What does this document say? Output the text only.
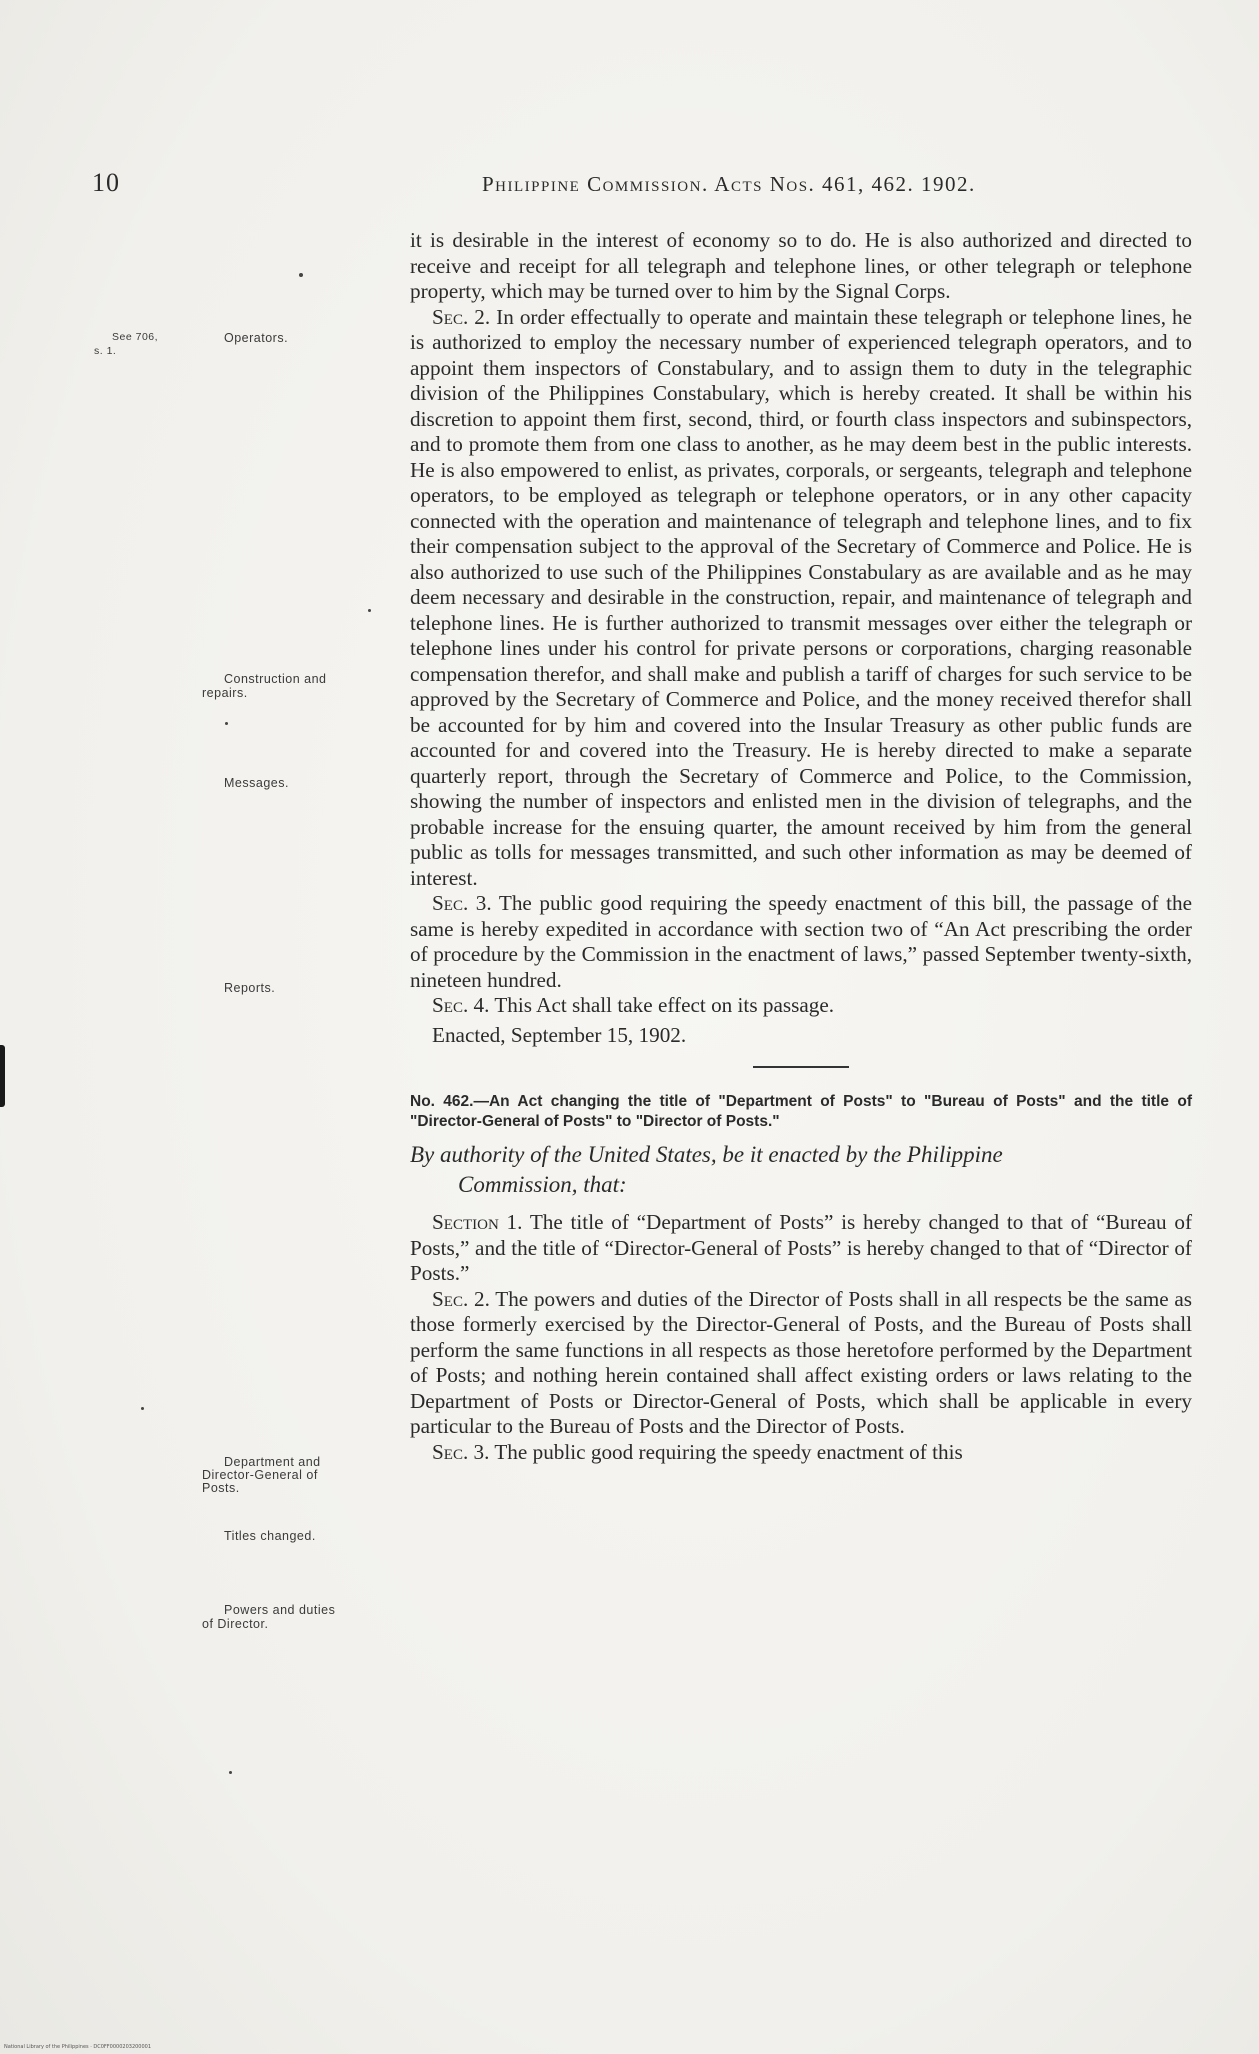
10	Philippine Commission. Acts Nos. 461, 462. 1902.
See 706,
s. 1.
Operators.
Construction and
repairs.
Messages.
Reports.
Department and
Director-General of
Posts.
Titles changed.
Powers and duties
of Director.

it is desirable in the interest of economy so to do. He is also authorized and directed to receive and receipt for all telegraph and telephone lines, or other telegraph or telephone property, which may be turned over to him by the Signal Corps.

Sec. 2. In order effectually to operate and maintain these telegraph or telephone lines, he is authorized to employ the necessary number of experienced telegraph operators, and to appoint them inspectors of Constabulary, and to assign them to duty in the telegraphic division of the Philippines Constabulary, which is hereby created. It shall be within his discretion to appoint them first, second, third, or fourth class inspectors and subinspectors, and to promote them from one class to another, as he may deem best in the public interests. He is also empowered to enlist, as privates, corporals, or sergeants, telegraph and telephone operators, to be employed as telegraph or telephone operators, or in any other capacity connected with the operation and maintenance of telegraph and telephone lines, and to fix their compensation subject to the approval of the Secretary of Commerce and Police. He is also authorized to use such of the Philippines Constabulary as are available and as he may deem necessary and desirable in the construction, repair, and maintenance of telegraph and telephone lines. He is further authorized to transmit messages over either the telegraph or telephone lines under his control for private persons or corporations, charging reasonable compensation therefor, and shall make and publish a tariff of charges for such service to be approved by the Secretary of Commerce and Police, and the money received therefor shall be accounted for by him and covered into the Insular Treasury as other public funds are accounted for and covered into the Treasury. He is hereby directed to make a separate quarterly report, through the Secretary of Commerce and Police, to the Commission, showing the number of inspectors and enlisted men in the division of telegraphs, and the probable increase for the ensuing quarter, the amount received by him from the general public as tolls for messages transmitted, and such other information as may be deemed of interest.

Sec. 3. The public good requiring the speedy enactment of this bill, the passage of the same is hereby expedited in accordance with section two of “An Act prescribing the order of procedure by the Commission in the enactment of laws,” passed September twenty-sixth, nineteen hundred.

Sec. 4. This Act shall take effect on its passage.

Enacted, September 15, 1902.

No. 462.—An Act changing the title of "Department of Posts" to "Bureau of Posts" and the title of "Director-General of Posts" to "Director of Posts."

By authority of the United States, be it enacted by the Philippine
Commission, that:

Section 1. The title of “Department of Posts” is hereby changed to that of “Bureau of Posts,” and the title of “Director-General of Posts” is hereby changed to that of “Director of Posts.”

Sec. 2. The powers and duties of the Director of Posts shall in all respects be the same as those formerly exercised by the Director-General of Posts, and the Bureau of Posts shall perform the same functions in all respects as those heretofore performed by the Department of Posts; and nothing herein contained shall affect existing orders or laws relating to the Department of Posts or Director-General of Posts, which shall be applicable in every particular to the Bureau of Posts and the Director of Posts.

Sec. 3. The public good requiring the speedy enactment of this

National Library of the Philippines · DC0FF0000203200001
